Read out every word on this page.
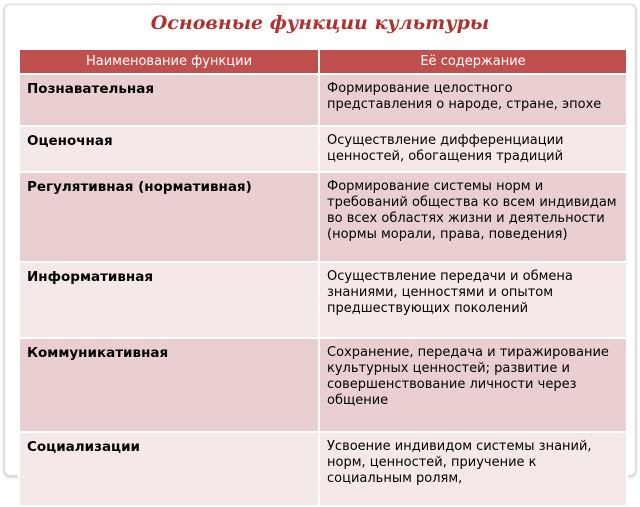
Основные функции культуры
Наименование функции	Её содержание
Познавательная	Формирование целостного представления о народе, стране, эпохе
Оценочная	Осуществление дифференциации ценностей, обогащения традиций
Регулятивная (нормативная)	Формирование системы норм и требований общества ко всем индивидам во всех областях жизни и деятельности (нормы морали, права, поведения)
Информативная	Осуществление передачи и обмена знаниями, ценностями и опытом предшествующих поколений
Коммуникативная	Сохранение, передача и тиражирование культурных ценностей; развитие и совершенствование личности через общение
Социализации	Усвоение индивидом системы знаний, норм, ценностей, приучение к социальным ролям,
